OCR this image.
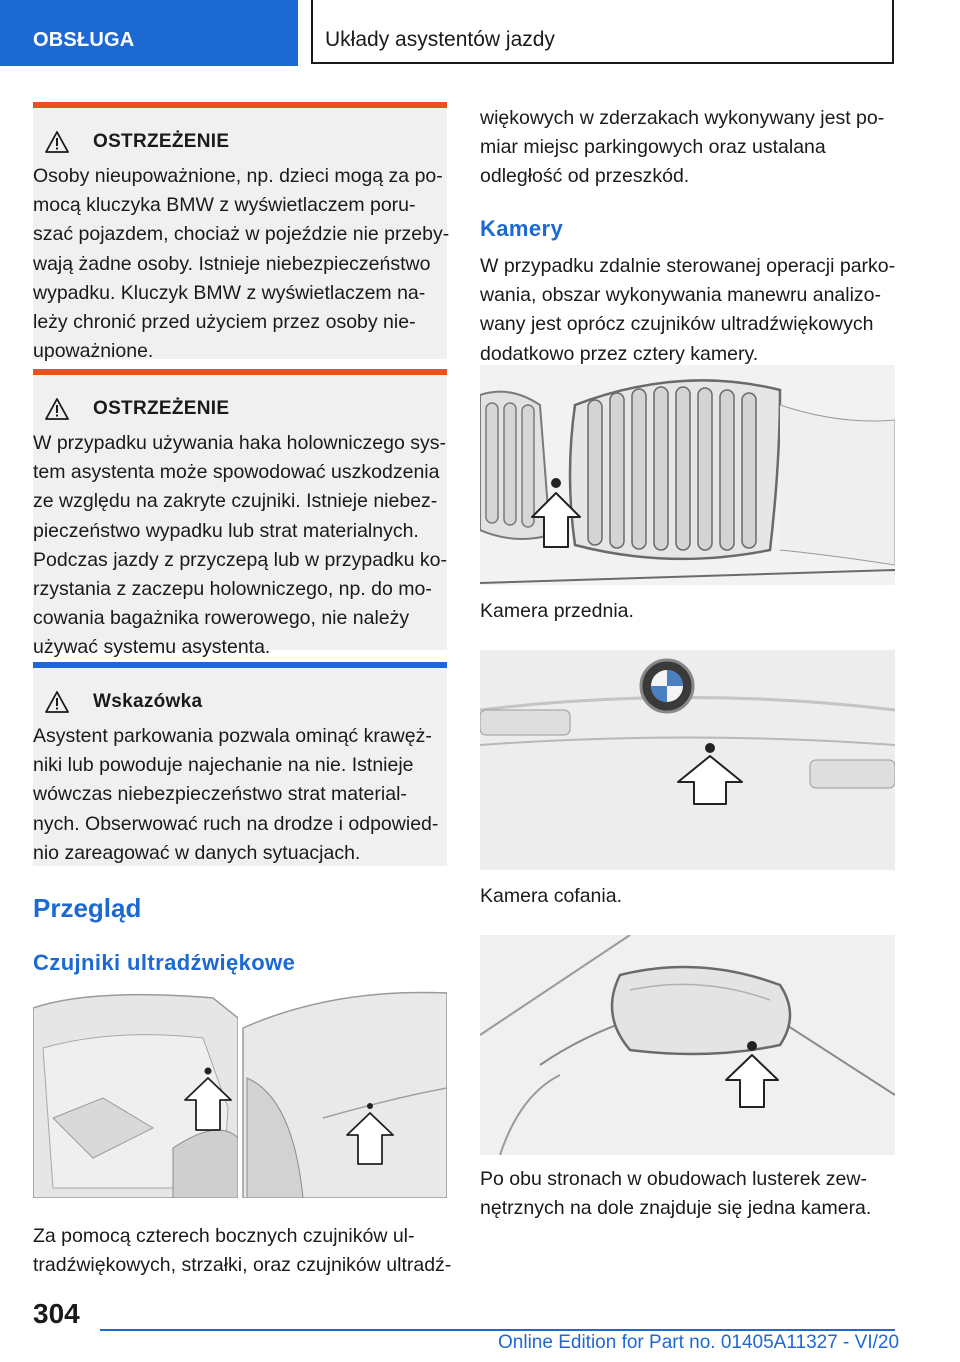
OBSŁUGA	Układy asystentów jazdy
OSTRZEŻENIE
Osoby nieupoważnione, np. dzieci mogą za po-
mocą kluczyka BMW z wyświetlaczem poru-
szać pojazdem, chociaż w pojeździe nie przeby-
wają żadne osoby. Istnieje niebezpieczeństwo
wypadku. Kluczyk BMW z wyświetlaczem na-
leży chronić przed użyciem przez osoby nie-
upoważnione.
OSTRZEŻENIE
W przypadku używania haka holowniczego sys-
tem asystenta może spowodować uszkodzenia
ze względu na zakryte czujniki. Istnieje niebez-
pieczeństwo wypadku lub strat materialnych.
Podczas jazdy z przyczepą lub w przypadku ko-
rzystania z zaczepu holowniczego, np. do mo-
cowania bagażnika rowerowego, nie należy
używać systemu asystenta.
Wskazówka
Asystent parkowania pozwala ominąć krawęż-
niki lub powoduje najechanie na nie. Istnieje
wówczas niebezpieczeństwo strat material-
nych. Obserwować ruch na drodze i odpowied-
nio zareagować w danych sytuacjach.
Przegląd
Czujniki ultradźwiękowe
Za pomocą czterech bocznych czujników ul-
tradźwiękowych, strzałki, oraz czujników ultradź-
więkowych w zderzakach wykonywany jest po-
miar miejsc parkingowych oraz ustalana
odległość od przeszkód.
Kamery
W przypadku zdalnie sterowanej operacji parko-
wania, obszar wykonywania manewru analizo-
wany jest oprócz czujników ultradźwiękowych
dodatkowo przez cztery kamery.
Kamera przednia.
Kamera cofania.
Po obu stronach w obudowach lusterek zew-
nętrznych na dole znajduje się jedna kamera.
304
Online Edition for Part no. 01405A11327 - VI/20
